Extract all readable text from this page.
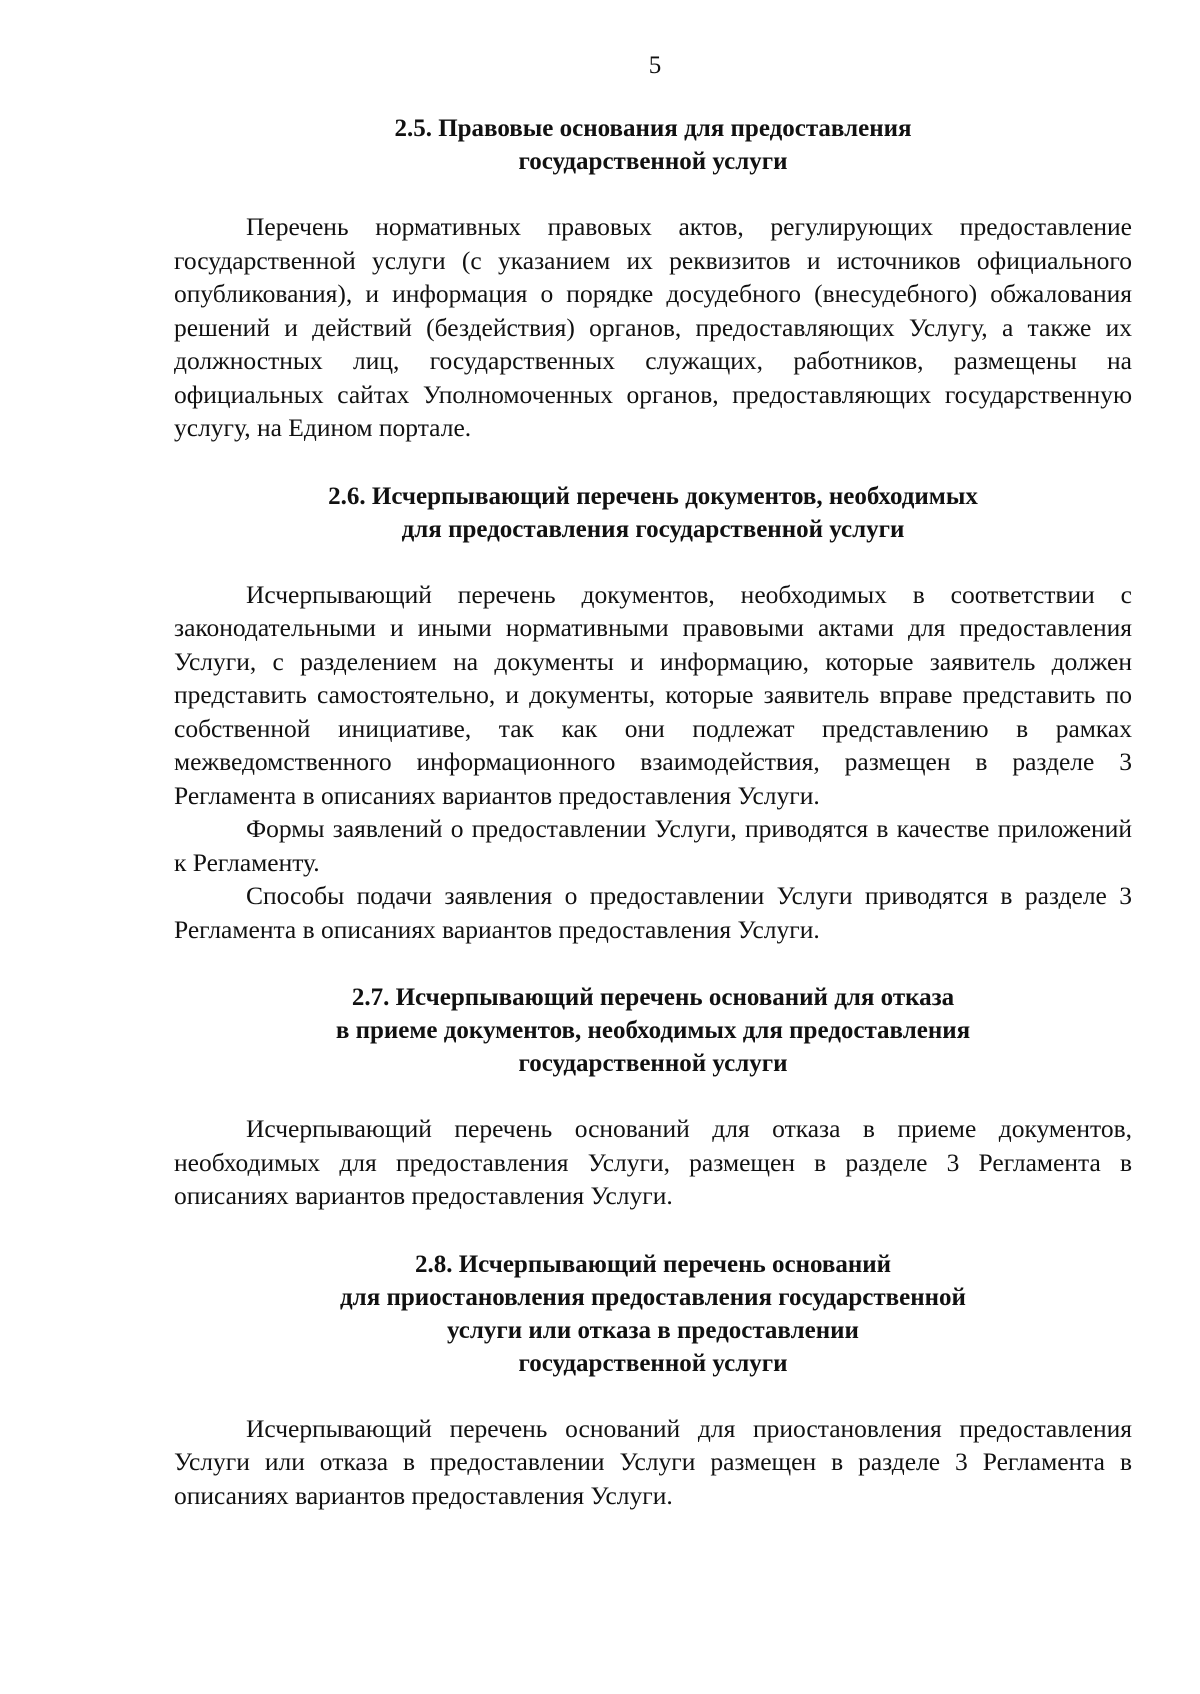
5
2.5. Правовые основания для предоставления
государственной услуги

Перечень нормативных правовых актов, регулирующих предоставление государственной услуги (с указанием их реквизитов и источников официального опубликования), и информация о порядке досудебного (внесудебного) обжалования решений и действий (бездействия) органов, предоставляющих Услугу, а также их должностных лиц, государственных служащих, работников, размещены на официальных сайтах Уполномоченных органов, предоставляющих государственную услугу, на Едином портале.

2.6. Исчерпывающий перечень документов, необходимых
для предоставления государственной услуги

Исчерпывающий перечень документов, необходимых в соответствии с законодательными и иными нормативными правовыми актами для предоставления Услуги, с разделением на документы и информацию, которые заявитель должен представить самостоятельно, и документы, которые заявитель вправе представить по собственной инициативе, так как они подлежат представлению в рамках межведомственного информационного взаимодействия, размещен в разделе 3 Регламента в описаниях вариантов предоставления Услуги.

Формы заявлений о предоставлении Услуги, приводятся в качестве приложений к Регламенту.

Способы подачи заявления о предоставлении Услуги приводятся в разделе 3 Регламента в описаниях вариантов предоставления Услуги.

2.7. Исчерпывающий перечень оснований для отказа
в приеме документов, необходимых для предоставления
государственной услуги

Исчерпывающий перечень оснований для отказа в приеме документов, необходимых для предоставления Услуги, размещен в разделе 3 Регламента в описаниях вариантов предоставления Услуги.

2.8. Исчерпывающий перечень оснований
для приостановления предоставления государственной
услуги или отказа в предоставлении
государственной услуги

Исчерпывающий перечень оснований для приостановления предоставления Услуги или отказа в предоставлении Услуги размещен в разделе 3 Регламента в описаниях вариантов предоставления Услуги.
